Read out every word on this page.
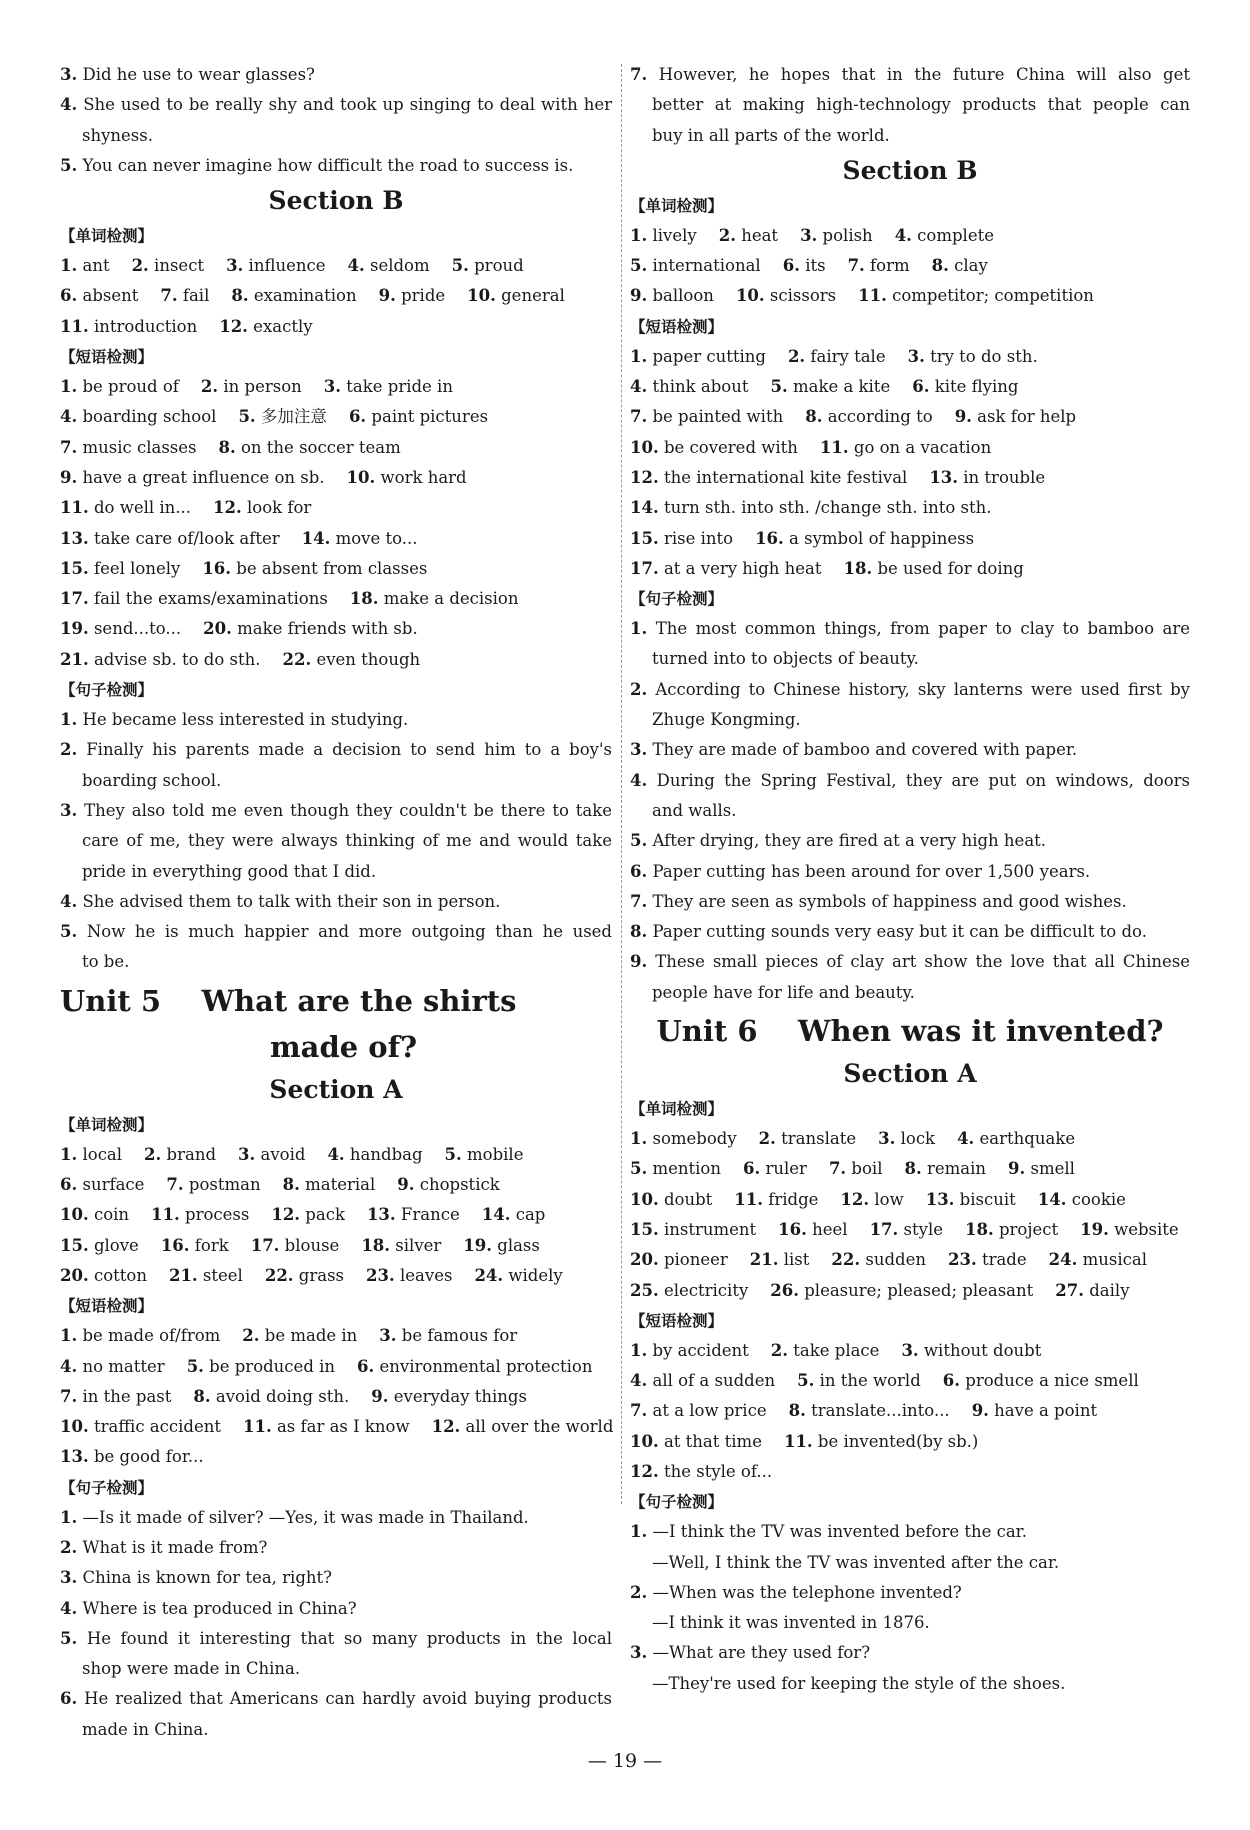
3. Did he use to wear glasses?
4. She used to be really shy and took up singing to deal with her
shyness.
5. You can never imagine how difficult the road to success is.
Section B
【单词检测】
1. ant 2. insect 3. influence 4. seldom 5. proud
6. absent 7. fail 8. examination 9. pride 10. general
11. introduction 12. exactly
【短语检测】
1. be proud of 2. in person 3. take pride in
4. boarding school 5. 多加注意 6. paint pictures
7. music classes 8. on the soccer team
9. have a great influence on sb. 10. work hard
11. do well in... 12. look for
13. take care of/look after 14. move to...
15. feel lonely 16. be absent from classes
17. fail the exams/examinations 18. make a decision
19. send...to... 20. make friends with sb.
21. advise sb. to do sth. 22. even though
【句子检测】
1. He became less interested in studying.
2. Finally his parents made a decision to send him to a boy's
boarding school.
3. They also told me even though they couldn't be there to take
care of me, they were always thinking of me and would take
pride in everything good that I did.
4. She advised them to talk with their son in person.
5. Now he is much happier and more outgoing than he used
to be.
Unit 5    What are the shirts
made of?
Section A
【单词检测】
1. local 2. brand 3. avoid 4. handbag 5. mobile
6. surface 7. postman 8. material 9. chopstick
10. coin 11. process 12. pack 13. France 14. cap
15. glove 16. fork 17. blouse 18. silver 19. glass
20. cotton 21. steel 22. grass 23. leaves 24. widely
【短语检测】
1. be made of/from 2. be made in 3. be famous for
4. no matter 5. be produced in 6. environmental protection
7. in the past 8. avoid doing sth. 9. everyday things
10. traffic accident 11. as far as I know 12. all over the world
13. be good for...
【句子检测】
1. —Is it made of silver? —Yes, it was made in Thailand.
2. What is it made from?
3. China is known for tea, right?
4. Where is tea produced in China?
5. He found it interesting that so many products in the local
shop were made in China.
6. He realized that Americans can hardly avoid buying products
made in China.
7. However, he hopes that in the future China will also get
better at making high-technology products that people can
buy in all parts of the world.
Section B
【单词检测】
1. lively 2. heat 3. polish 4. complete
5. international 6. its 7. form 8. clay
9. balloon 10. scissors 11. competitor; competition
【短语检测】
1. paper cutting 2. fairy tale 3. try to do sth.
4. think about 5. make a kite 6. kite flying
7. be painted with 8. according to 9. ask for help
10. be covered with 11. go on a vacation
12. the international kite festival 13. in trouble
14. turn sth. into sth. /change sth. into sth.
15. rise into 16. a symbol of happiness
17. at a very high heat 18. be used for doing
【句子检测】
1. The most common things, from paper to clay to bamboo are
turned into to objects of beauty.
2. According to Chinese history, sky lanterns were used first by
Zhuge Kongming.
3. They are made of bamboo and covered with paper.
4. During the Spring Festival, they are put on windows, doors
and walls.
5. After drying, they are fired at a very high heat.
6. Paper cutting has been around for over 1,500 years.
7. They are seen as symbols of happiness and good wishes.
8. Paper cutting sounds very easy but it can be difficult to do.
9. These small pieces of clay art show the love that all Chinese
people have for life and beauty.
Unit 6    When was it invented?
Section A
【单词检测】
1. somebody 2. translate 3. lock 4. earthquake
5. mention 6. ruler 7. boil 8. remain 9. smell
10. doubt 11. fridge 12. low 13. biscuit 14. cookie
15. instrument 16. heel 17. style 18. project 19. website
20. pioneer 21. list 22. sudden 23. trade 24. musical
25. electricity 26. pleasure; pleased; pleasant 27. daily
【短语检测】
1. by accident 2. take place 3. without doubt
4. all of a sudden 5. in the world 6. produce a nice smell
7. at a low price 8. translate...into... 9. have a point
10. at that time 11. be invented(by sb.)
12. the style of...
【句子检测】
1. —I think the TV was invented before the car.
—Well, I think the TV was invented after the car.
2. —When was the telephone invented?
—I think it was invented in 1876.
3. —What are they used for?
—They're used for keeping the style of the shoes.
— 19 —
